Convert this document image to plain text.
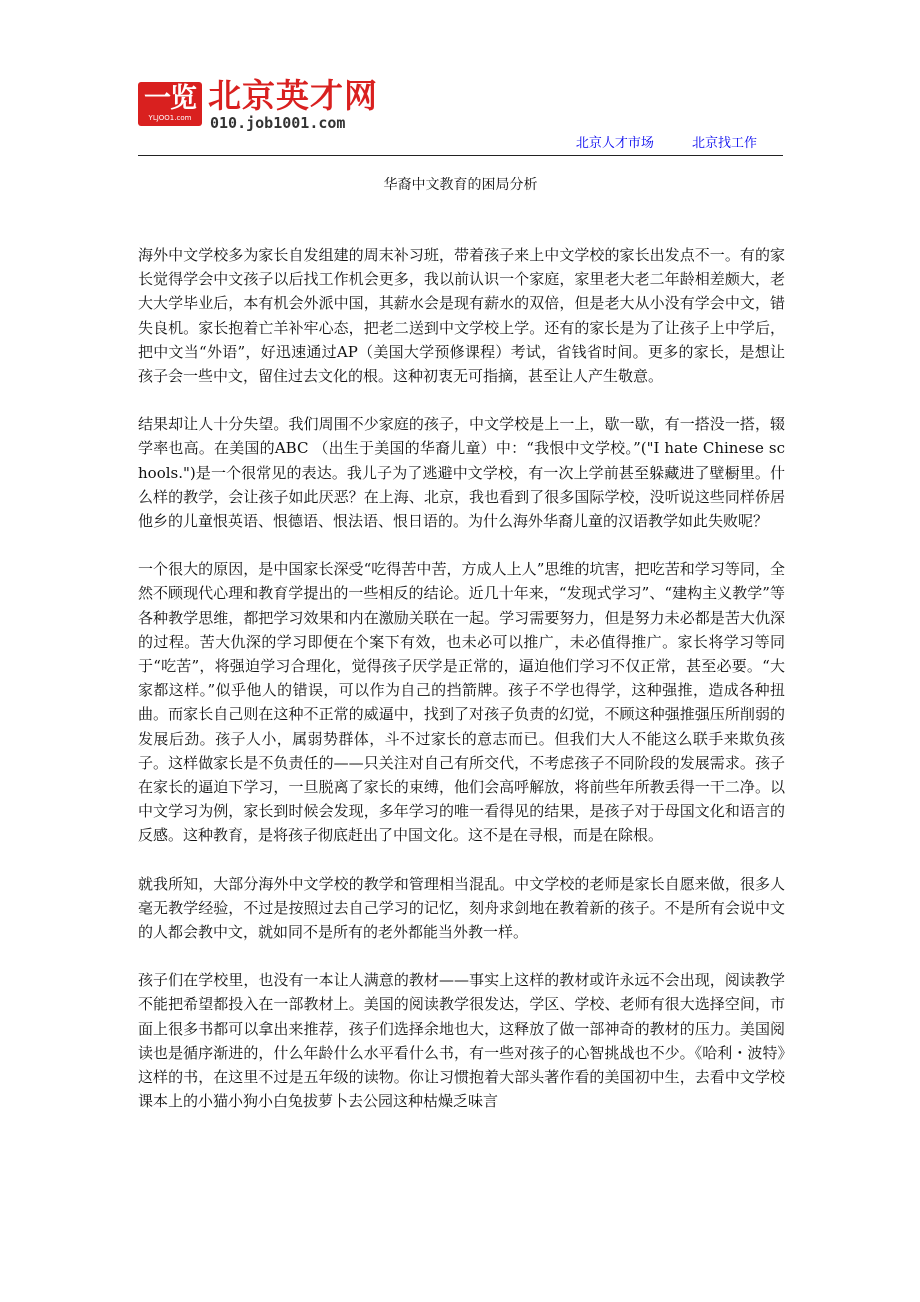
一览
YLJOO1.com
北京英才网
010.job1001.com
北京人才市场	北京找工作
华裔中文教育的困局分析

海外中文学校多为家长自发组建的周末补习班，带着孩子来上中文学校的家长出发点不一。有的家长觉得学会中文孩子以后找工作机会更多，我以前认识一个家庭，家里老大老二年龄相差颇大，老大大学毕业后，本有机会外派中国，其薪水会是现有薪水的双倍，但是老大从小没有学会中文，错失良机。家长抱着亡羊补牢心态，把老二送到中文学校上学。还有的家长是为了让孩子上中学后，把中文当“外语”，好迅速通过AP（美国大学预修课程）考试，省钱省时间。更多的家长，是想让孩子会一些中文，留住过去文化的根。这种初衷无可指摘，甚至让人产生敬意。

结果却让人十分失望。我们周围不少家庭的孩子，中文学校是上一上，歇一歇，有一搭没一搭，辍学率也高。在美国的ABC （出生于美国的华裔儿童）中：“我恨中文学校。”("I hate Chinese schools.")是一个很常见的表达。我儿子为了逃避中文学校，有一次上学前甚至躲藏进了壁橱里。什么样的教学，会让孩子如此厌恶？在上海、北京，我也看到了很多国际学校，没听说这些同样侨居他乡的儿童恨英语、恨德语、恨法语、恨日语的。为什么海外华裔儿童的汉语教学如此失败呢？

一个很大的原因，是中国家长深受“吃得苦中苦，方成人上人”思维的坑害，把吃苦和学习等同，全然不顾现代心理和教育学提出的一些相反的结论。近几十年来，“发现式学习”、“建构主义教学”等各种教学思维，都把学习效果和内在激励关联在一起。学习需要努力，但是努力未必都是苦大仇深的过程。苦大仇深的学习即便在个案下有效，也未必可以推广，未必值得推广。家长将学习等同于“吃苦”，将强迫学习合理化，觉得孩子厌学是正常的，逼迫他们学习不仅正常，甚至必要。“大家都这样。”似乎他人的错误，可以作为自己的挡箭牌。孩子不学也得学，这种强推，造成各种扭曲。而家长自己则在这种不正常的威逼中，找到了对孩子负责的幻觉，不顾这种强推强压所削弱的发展后劲。孩子人小，属弱势群体，斗不过家长的意志而已。但我们大人不能这么联手来欺负孩子。这样做家长是不负责任的——只关注对自己有所交代，不考虑孩子不同阶段的发展需求。孩子在家长的逼迫下学习，一旦脱离了家长的束缚，他们会高呼解放，将前些年所教丢得一干二净。以中文学习为例，家长到时候会发现，多年学习的唯一看得见的结果，是孩子对于母国文化和语言的反感。这种教育，是将孩子彻底赶出了中国文化。这不是在寻根，而是在除根。

就我所知，大部分海外中文学校的教学和管理相当混乱。中文学校的老师是家长自愿来做，很多人毫无教学经验，不过是按照过去自己学习的记忆，刻舟求剑地在教着新的孩子。不是所有会说中文的人都会教中文，就如同不是所有的老外都能当外教一样。

孩子们在学校里，也没有一本让人满意的教材——事实上这样的教材或许永远不会出现，阅读教学不能把希望都投入在一部教材上。美国的阅读教学很发达，学区、学校、老师有很大选择空间，市面上很多书都可以拿出来推荐，孩子们选择余地也大，这释放了做一部神奇的教材的压力。美国阅读也是循序渐进的，什么年龄什么水平看什么书，有一些对孩子的心智挑战也不少。《哈利・波特》这样的书，在这里不过是五年级的读物。你让习惯抱着大部头著作看的美国初中生，去看中文学校课本上的小猫小狗小白兔拔萝卜去公园这种枯燥乏味言
